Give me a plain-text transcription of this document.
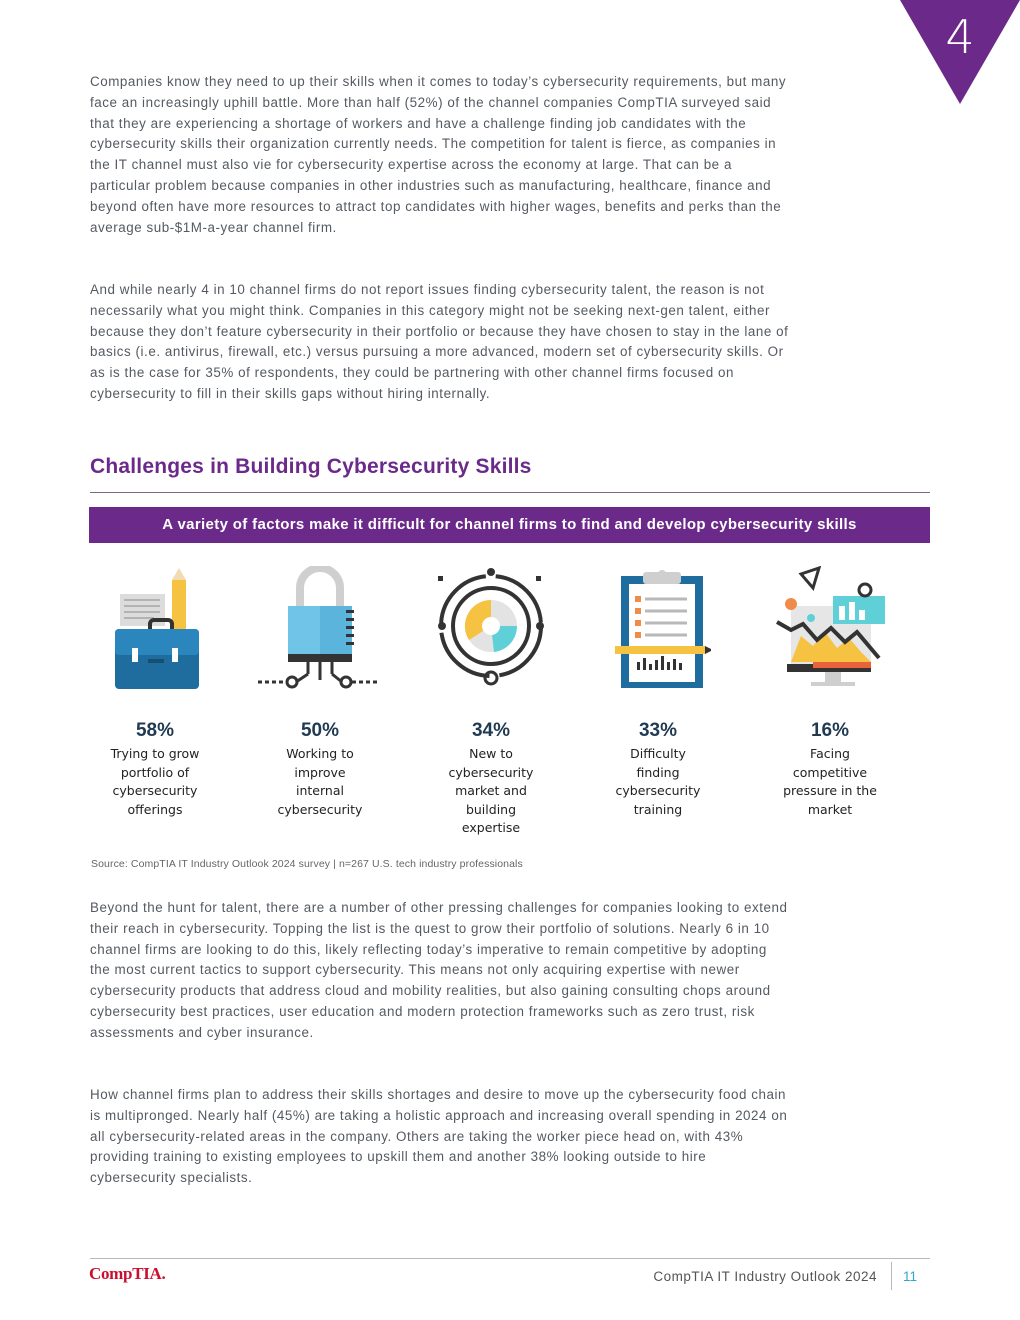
4

Companies know they need to up their skills when it comes to today’s cybersecurity requirements, but many face an increasingly uphill battle. More than half (52%) of the channel companies CompTIA surveyed said that they are experiencing a shortage of workers and have a challenge finding job candidates with the cybersecurity skills their organization currently needs. The competition for talent is fierce, as companies in the IT channel must also vie for cybersecurity expertise across the economy at large. That can be a particular problem because companies in other industries such as manufacturing, healthcare, finance and beyond often have more resources to attract top candidates with higher wages, benefits and perks than the average sub-$1M-a-year channel firm.

And while nearly 4 in 10 channel firms do not report issues finding cybersecurity talent, the reason is not necessarily what you might think. Companies in this category might not be seeking next-gen talent, either because they don’t feature cybersecurity in their portfolio or because they have chosen to stay in the lane of basics (i.e. antivirus, firewall, etc.) versus pursuing a more advanced, modern set of cybersecurity skills. Or as is the case for 35% of respondents, they could be partnering with other channel firms focused on cybersecurity to fill in their skills gaps without hiring internally.

Challenges in Building Cybersecurity Skills
A variety of factors make it difficult for channel firms to find and develop cybersecurity skills
58%
Trying to grow portfolio of cybersecurity offerings
50%
Working to improve internal cybersecurity
34%
New to cybersecurity market and building expertise
33%
Difficulty finding cybersecurity training
16%
Facing competitive pressure in the market
Source: CompTIA IT Industry Outlook 2024 survey | n=267 U.S. tech industry professionals

Beyond the hunt for talent, there are a number of other pressing challenges for companies looking to extend their reach in cybersecurity. Topping the list is the quest to grow their portfolio of solutions. Nearly 6 in 10 channel firms are looking to do this, likely reflecting today’s imperative to remain competitive by adopting the most current tactics to support cybersecurity. This means not only acquiring expertise with newer cybersecurity products that address cloud and mobility realities, but also gaining consulting chops around cybersecurity best practices, user education and modern protection frameworks such as zero trust, risk assessments and cyber insurance.

How channel firms plan to address their skills shortages and desire to move up the cybersecurity food chain is multipronged. Nearly half (45%) are taking a holistic approach and increasing overall spending in 2024 on all cybersecurity-related areas in the company. Others are taking the worker piece head on, with 43% providing training to existing employees to upskill them and another 38% looking outside to hire cybersecurity specialists.

CompTIA.	CompTIA IT Industry Outlook 2024 11
